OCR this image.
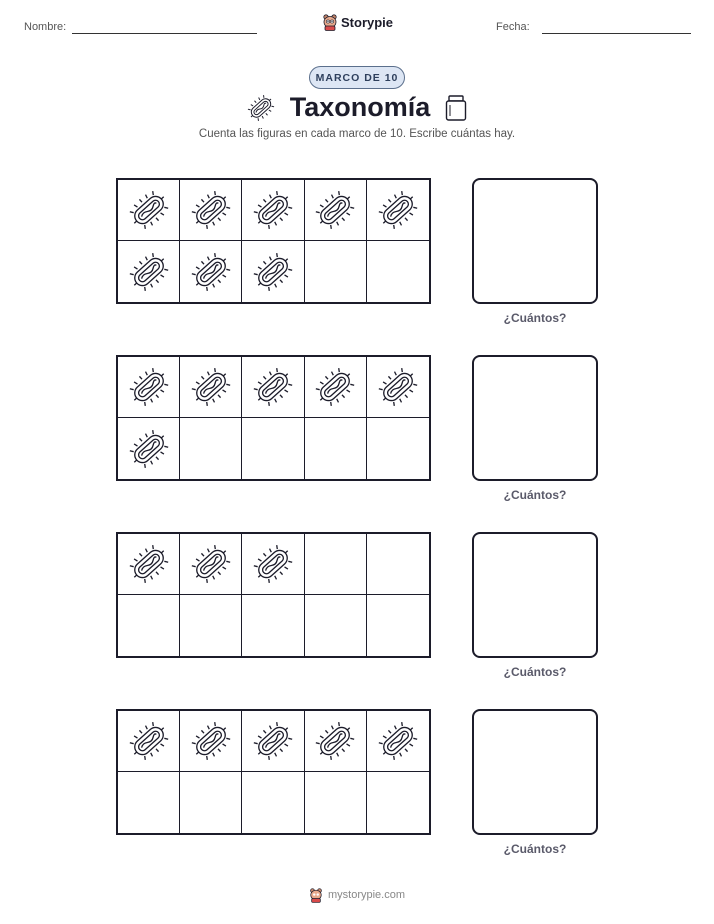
Nombre:	Storypie	Fecha:
MARCO DE 10
Taxonomía
Cuenta las figuras en cada marco de 10. Escribe cuántas hay.
¿Cuántos?
¿Cuántos?
¿Cuántos?
¿Cuántos?
mystorypie.com
